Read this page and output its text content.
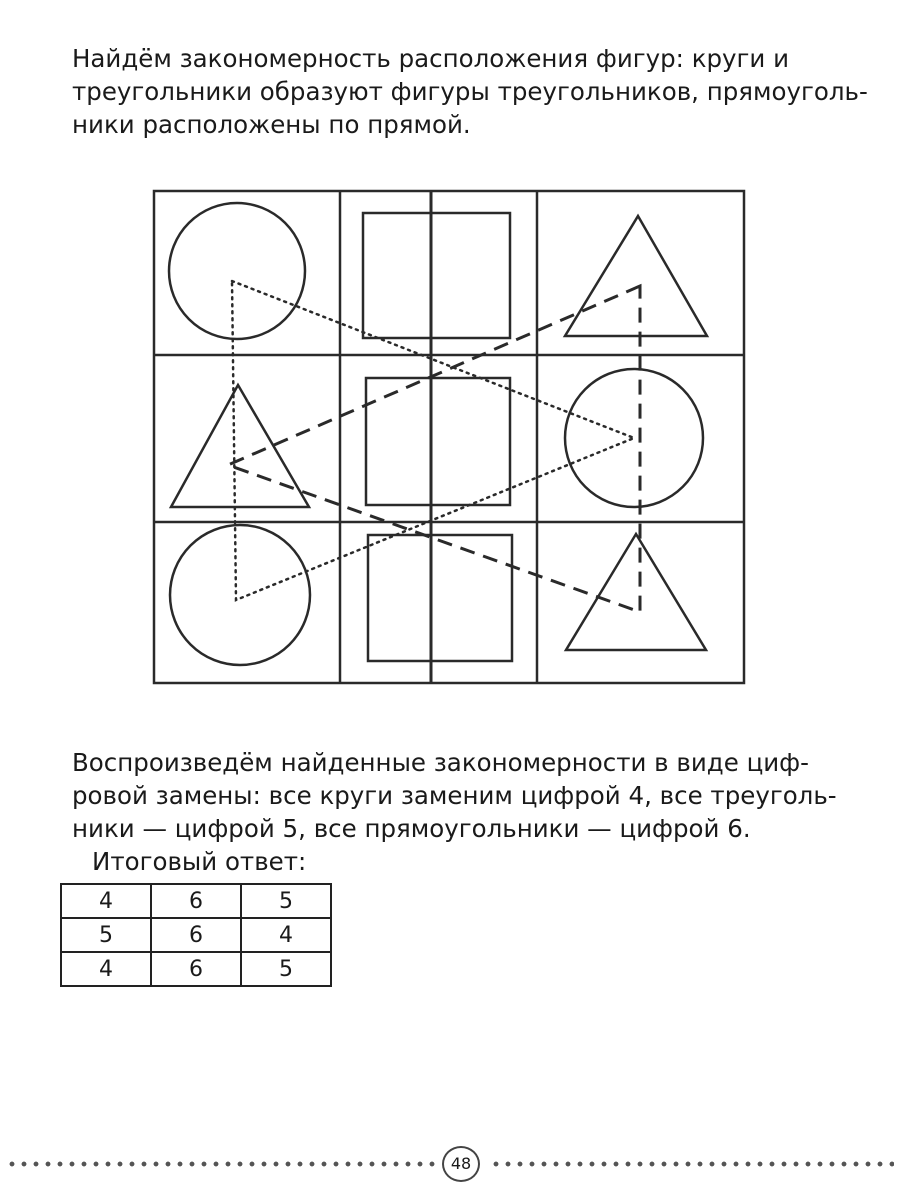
Найдём закономерность расположения фигур: круги и
треугольники образуют фигуры треугольников, прямоуголь-
ники расположены по прямой.

Воспроизведём найденные закономерности в виде циф-
ровой замены: все круги заменим цифрой 4, все треуголь-
ники — цифрой 5, все прямоугольники — цифрой 6.

Итоговый ответ:
4	6	5
5	6	4
4	6	5
48
